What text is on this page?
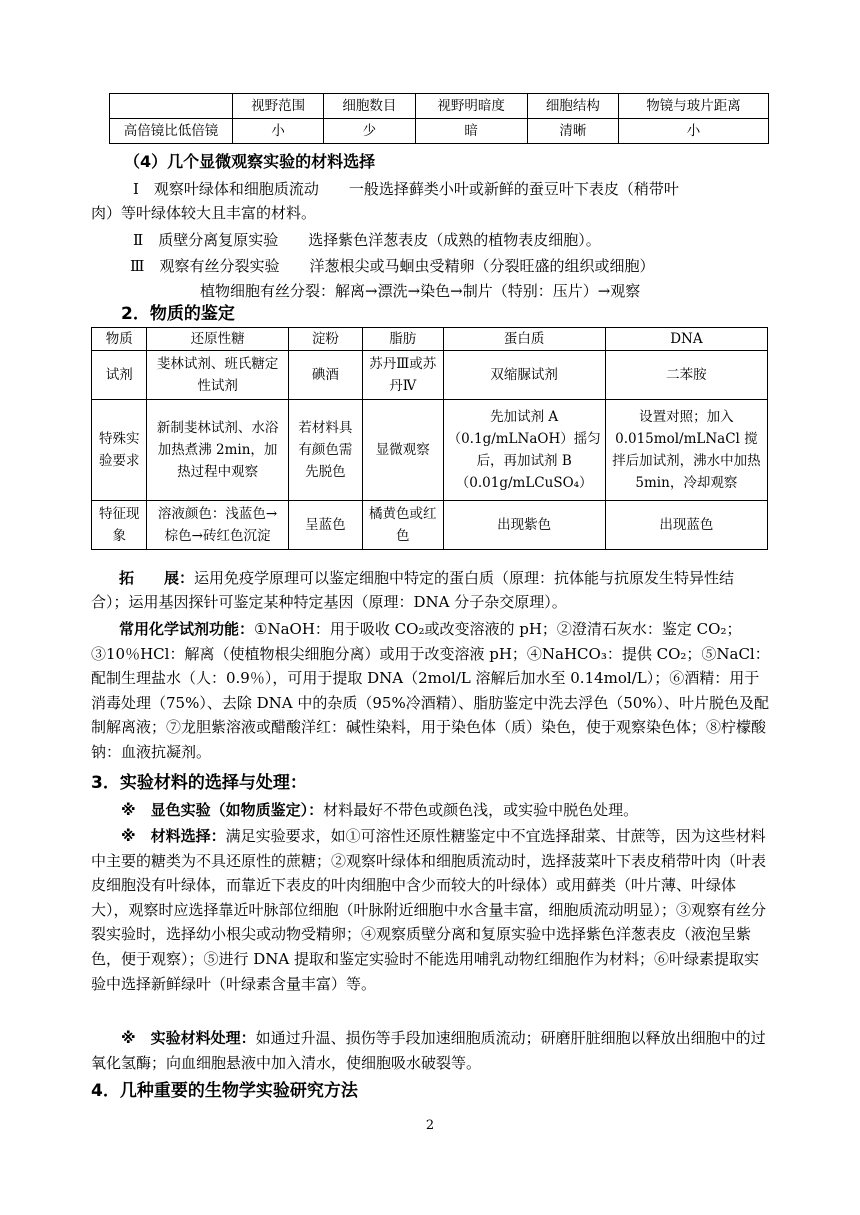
	视野范围	细胞数目	视野明暗度	细胞结构	物镜与玻片距离
高倍镜比低倍镜	小	少	暗	清晰	小
（4）几个显微观察实验的材料选择
Ⅰ　观察叶绿体和细胞质流动　　一般选择藓类小叶或新鲜的蚕豆叶下表皮（稍带叶
肉）等叶绿体较大且丰富的材料。
Ⅱ　质壁分离复原实验　　选择紫色洋葱表皮（成熟的植物表皮细胞）。
Ⅲ　观察有丝分裂实验　　洋葱根尖或马蛔虫受精卵（分裂旺盛的组织或细胞）
植物细胞有丝分裂：解离→漂洗→染色→制片（特别：压片）→观察
2．物质的鉴定
物质	还原性糖	淀粉	脂肪	蛋白质	DNA
试剂	斐林试剂、班氏糖定性试剂	碘酒	苏丹Ⅲ或苏丹Ⅳ	双缩脲试剂	二苯胺
特殊实验要求	新制斐林试剂、水浴加热煮沸 2min，加热过程中观察	若材料具有颜色需先脱色	显微观察	先加试剂 A（0.1g/mLNaOH）摇匀后，再加试剂 B（0.01g/mLCuSO₄）	设置对照；加入0.015mol/mLNaCl 搅拌后加试剂，沸水中加热 5min，冷却观察
特征现象	溶液颜色：浅蓝色→棕色→砖红色沉淀	呈蓝色	橘黄色或红色	出现紫色	出现蓝色
拓　　展：运用免疫学原理可以鉴定细胞中特定的蛋白质（原理：抗体能与抗原发生特异性结合）；运用基因探针可鉴定某种特定基因（原理：DNA 分子杂交原理）。
常用化学试剂功能：①NaOH：用于吸收 CO₂或改变溶液的 pH；②澄清石灰水：鉴定 CO₂；③10％HCl：解离（使植物根尖细胞分离）或用于改变溶液 pH；④NaHCO₃：提供 CO₂；⑤NaCl：配制生理盐水（人：0.9％），可用于提取 DNA（2mol/L 溶解后加水至 0.14mol/L）；⑥酒精：用于消毒处理（75%）、去除 DNA 中的杂质（95%冷酒精）、脂肪鉴定中洗去浮色（50%）、叶片脱色及配制解离液；⑦龙胆紫溶液或醋酸洋红：碱性染料，用于染色体（质）染色，使于观察染色体；⑧柠檬酸钠：血液抗凝剂。
3．实验材料的选择与处理：
※　显色实验（如物质鉴定）：材料最好不带色或颜色浅，或实验中脱色处理。
※　材料选择：满足实验要求，如①可溶性还原性糖鉴定中不宜选择甜菜、甘蔗等，因为这些材料中主要的糖类为不具还原性的蔗糖；②观察叶绿体和细胞质流动时，选择菠菜叶下表皮稍带叶肉（叶表皮细胞没有叶绿体，而靠近下表皮的叶肉细胞中含少而较大的叶绿体）或用藓类（叶片薄、叶绿体大），观察时应选择靠近叶脉部位细胞（叶脉附近细胞中水含量丰富，细胞质流动明显）；③观察有丝分裂实验时，选择幼小根尖或动物受精卵；④观察质壁分离和复原实验中选择紫色洋葱表皮（液泡呈紫色，便于观察）；⑤进行 DNA 提取和鉴定实验时不能选用哺乳动物红细胞作为材料；⑥叶绿素提取实验中选择新鲜绿叶（叶绿素含量丰富）等。
※　实验材料处理：如通过升温、损伤等手段加速细胞质流动；研磨肝脏细胞以释放出细胞中的过氧化氢酶；向血细胞悬液中加入清水，使细胞吸水破裂等。
4．几种重要的生物学实验研究方法
2
